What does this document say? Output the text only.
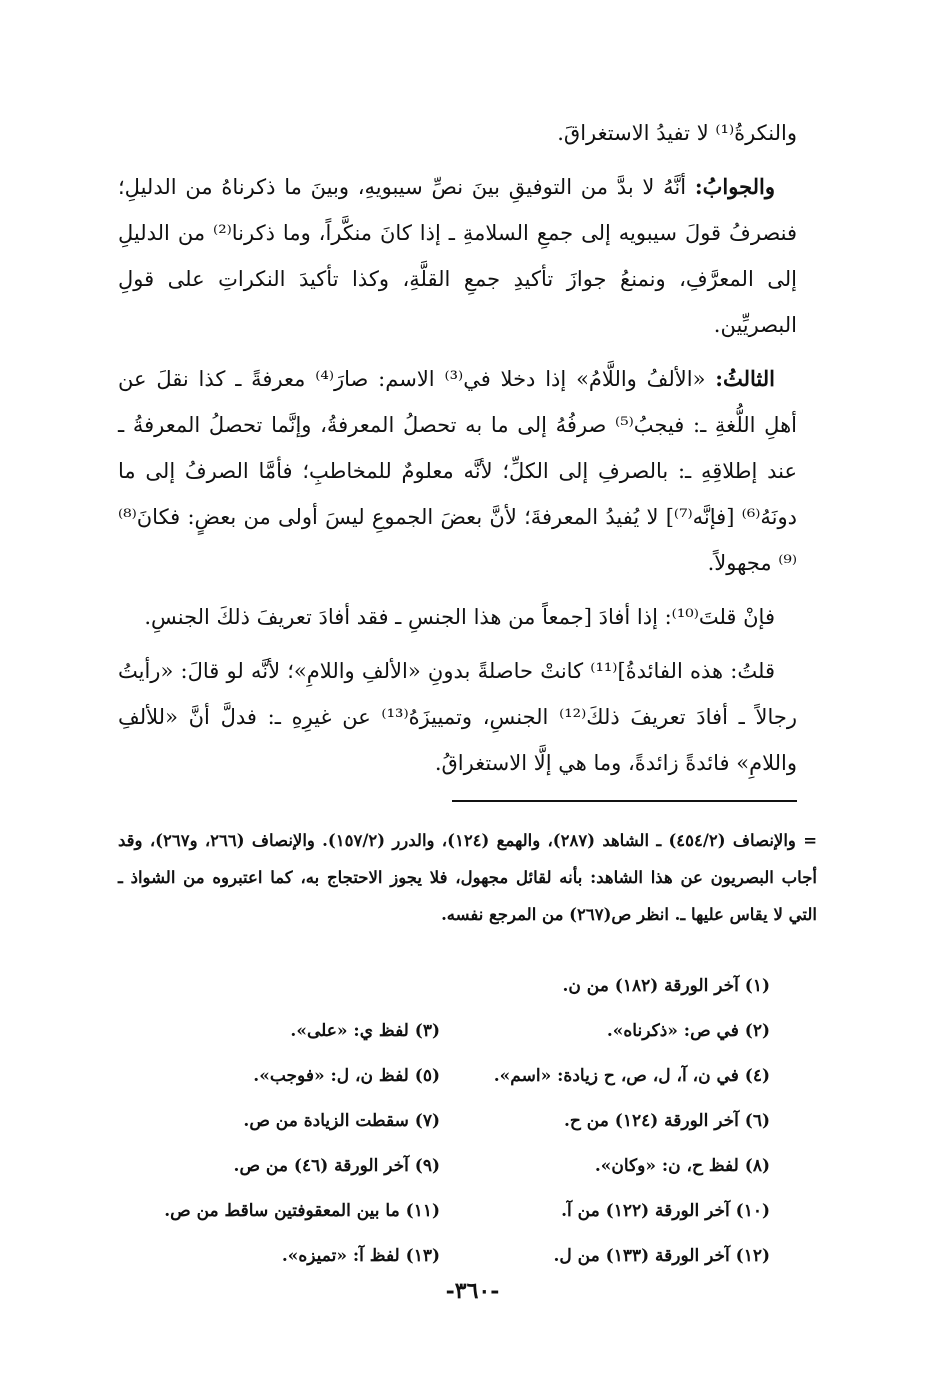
والنكرةُ⁽¹⁾ لا تفيدُ الاستغراقَ.

والجوابُ: أنَّهُ لا بدَّ من التوفيقِ بينَ نصِّ سيبويهِ، وبينَ ما ذكرناهُ من الدليلِ؛ فنصرفُ قولَ سيبويه إلى جمعِ السلامةِ ـ إذا كانَ منكَّراً، وما ذكرنا⁽²⁾ من الدليلِ إلى المعرَّفِ، ونمنعُ جوازَ تأكيدِ جمعِ القلَّةِ، وكذا تأكيدَ النكراتِ على قولِ البصريِّين.

الثالثُ: «الألفُ واللَّامُ» إذا دخلا في⁽³⁾ الاسم: صارَ⁽⁴⁾ معرفةً ـ كذا نقلَ عن أهلِ اللُّغةِ ـ: فيجبُ⁽⁵⁾ صرفُهُ إلى ما به تحصلُ المعرفةُ، وإنَّما تحصلُ المعرفةُ ـ عند إطلاقِهِ ـ: بالصرفِ إلى الكلِّ؛ لأنَّه معلومٌ للمخاطبِ؛ فأمَّا الصرفُ إلى ما دونَهُ⁽⁶⁾ [فإنَّه⁽⁷⁾] لا يُفيدُ المعرفةَ؛ لأنَّ بعضَ الجموعِ ليسَ أولى من بعضٍ: فكانَ⁽⁸⁾⁽⁹⁾ مجهولاً.

فإنْ قلتَ⁽¹⁰⁾: إذا أفادَ [جمعاً من هذا الجنسِ ـ فقد أفادَ تعريفَ ذلكَ الجنسِ.

قلتُ: هذه الفائدةُ]⁽¹¹⁾ كانتْ حاصلةً بدونِ «الألفِ واللامِ»؛ لأنَّه لو قالَ: «رأيتُ رجالاً ـ أفادَ تعريفَ ذلكَ⁽¹²⁾ الجنسِ، وتمييزَهُ⁽¹³⁾ عن غيرِهِ ـ: فدلَّ أنَّ «للألفِ واللامِ» فائدةً زائدةً، وما هي إلَّا الاستغراقُ.

= والإنصاف (٤٥٤/٢) ـ الشاهد (٢٨٧)، والهمع (١٢٤)، والدرر (١٥٧/٢). والإنصاف (٢٦٦، و٢٦٧)، وقد أجاب البصريون عن هذا الشاهد: بأنه لقائل مجهول، فلا يجوز الاحتجاج به، كما اعتبروه من الشواذ ـ التي لا يقاس عليها ـ. انظر ص(٢٦٧) من المرجع نفسه.
(١) آخر الورقة (١٨٢) من ن.
(٢) في ص: «ذكرناه».
(٣) لفظ ي: «على».
(٤) في ن، آ، ل، ص، ح زيادة: «اسم».
(٥) لفظ ن، ل: «فوجب».
(٦) آخر الورقة (١٢٤) من ح.
(٧) سقطت الزيادة من ص.
(٨) لفظ ح، ن: «وكان».
(٩) آخر الورقة (٤٦) من ص.
(١٠) آخر الورقة (١٢٢) من آ.
(١١) ما بين المعقوفتين ساقط من ص.
(١٢) آخر الورقة (١٣٣) من ل.
(١٣) لفظ آ: «تميزه».
-٣٦٠-
